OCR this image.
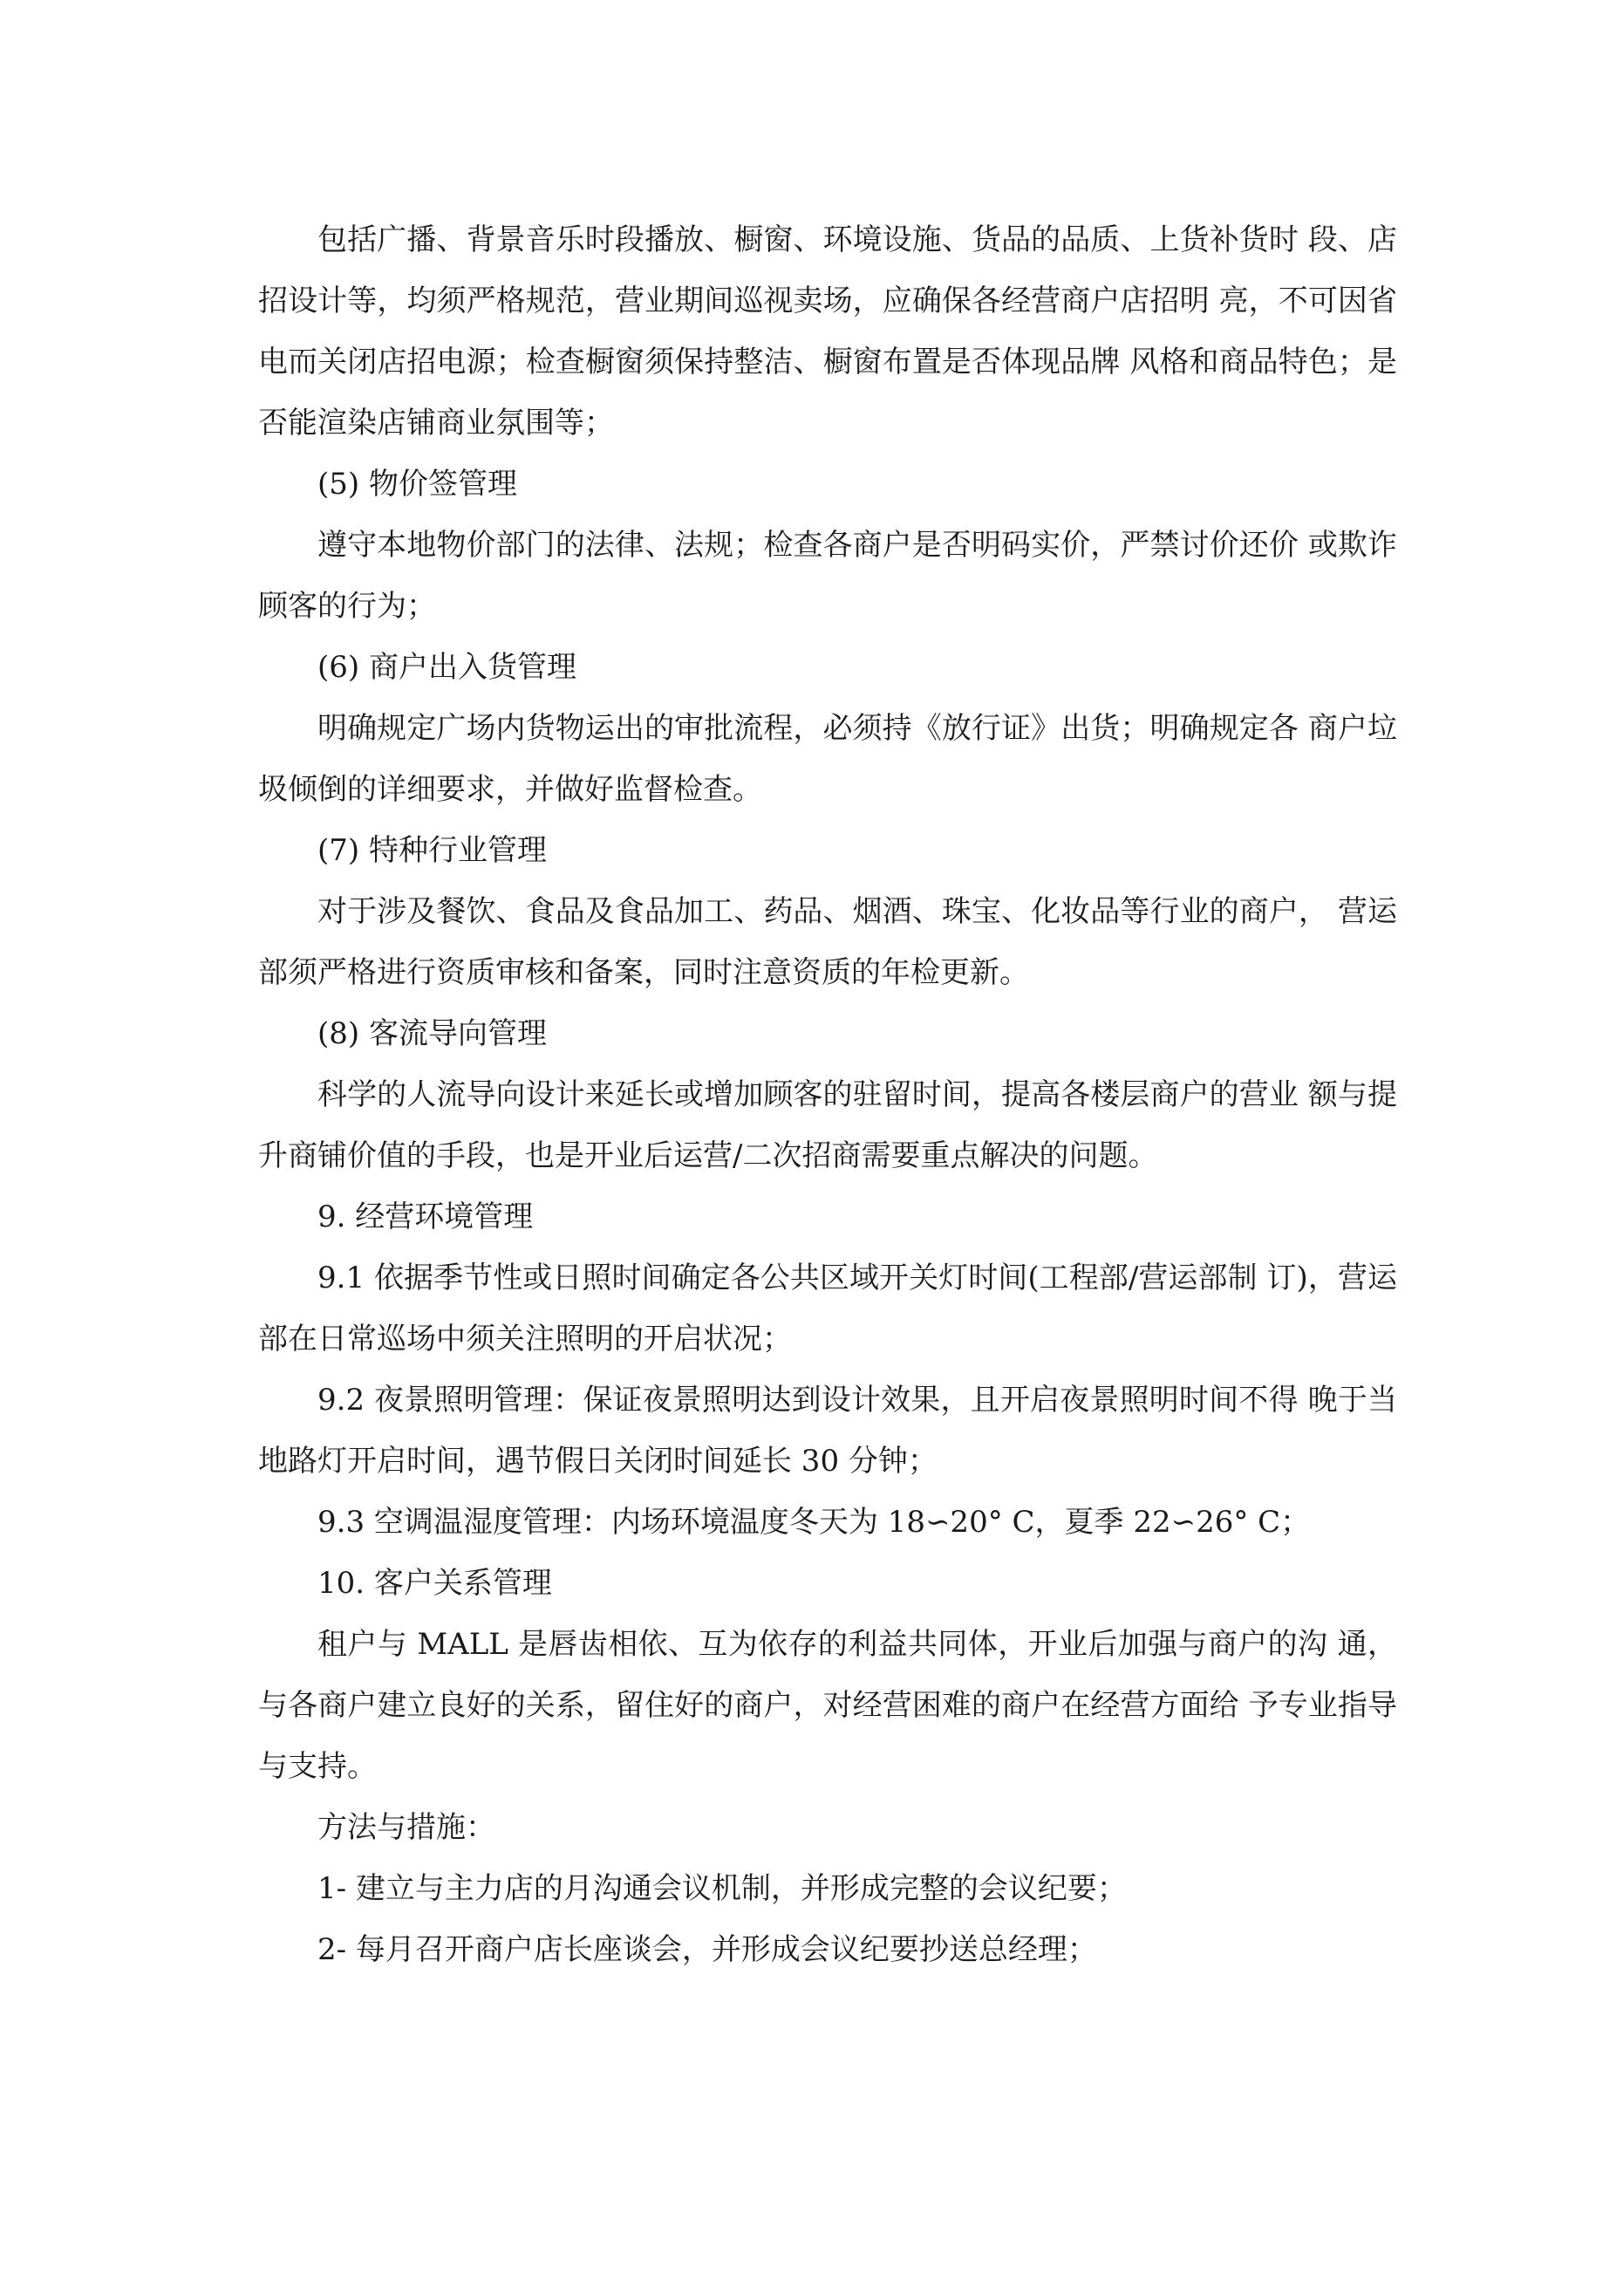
包括广播、背景音乐时段播放、橱窗、环境设施、货品的品质、上货补货时 段、店招设计等，均须严格规范，营业期间巡视卖场，应确保各经营商户店招明 亮，不可因省电而关闭店招电源；检查橱窗须保持整洁、橱窗布置是否体现品牌 风格和商品特色；是否能渲染店铺商业氛围等；

(5) 物价签管理

遵守本地物价部门的法律、法规；检查各商户是否明码实价，严禁讨价还价 或欺诈顾客的行为；

(6) 商户出入货管理

明确规定广场内货物运出的审批流程，必须持《放行证》出货；明确规定各 商户垃圾倾倒的详细要求，并做好监督检查。

(7) 特种行业管理

对于涉及餐饮、食品及食品加工、药品、烟酒、珠宝、化妆品等行业的商户， 营运部须严格进行资质审核和备案，同时注意资质的年检更新。

(8) 客流导向管理

科学的人流导向设计来延长或增加顾客的驻留时间，提高各楼层商户的营业 额与提升商铺价值的手段，也是开业后运营/二次招商需要重点解决的问题。

9. 经营环境管理

9.1 依据季节性或日照时间确定各公共区域开关灯时间(工程部/营运部制 订)，营运部在日常巡场中须关注照明的开启状况；

9.2 夜景照明管理：保证夜景照明达到设计效果，且开启夜景照明时间不得 晚于当地路灯开启时间，遇节假日关闭时间延长 30 分钟；

9.3 空调温湿度管理：内场环境温度冬天为 18∽20° C，夏季 22∽26° C；

10. 客户关系管理

租户与 MALL 是唇齿相依、互为依存的利益共同体，开业后加强与商户的沟 通，与各商户建立良好的关系，留住好的商户，对经营困难的商户在经营方面给 予专业指导与支持。

方法与措施：

1- 建立与主力店的月沟通会议机制，并形成完整的会议纪要；

2- 每月召开商户店长座谈会，并形成会议纪要抄送总经理；
